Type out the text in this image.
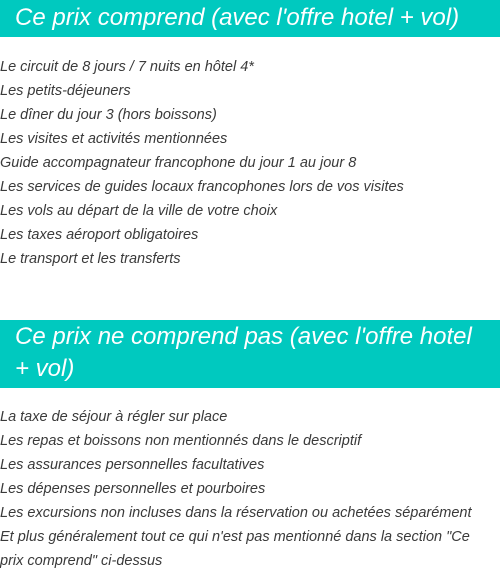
Ce prix comprend (avec l'offre hotel + vol)
Le circuit de 8 jours / 7 nuits en hôtel 4*
Les petits-déjeuners
Le dîner du jour 3 (hors boissons)
Les visites et activités mentionnées
Guide accompagnateur francophone du jour 1 au jour 8
Les services de guides locaux francophones lors de vos visites
Les vols au départ de la ville de votre choix
Les taxes aéroport obligatoires
Le transport et les transferts
Ce prix ne comprend pas (avec l'offre hotel + vol)
La taxe de séjour à régler sur place
Les repas et boissons non mentionnés dans le descriptif
Les assurances personnelles facultatives
Les dépenses personnelles et pourboires
Les excursions non incluses dans la réservation ou achetées séparément
Et plus généralement tout ce qui n'est pas mentionné dans la section "Ce prix comprend" ci-dessus
